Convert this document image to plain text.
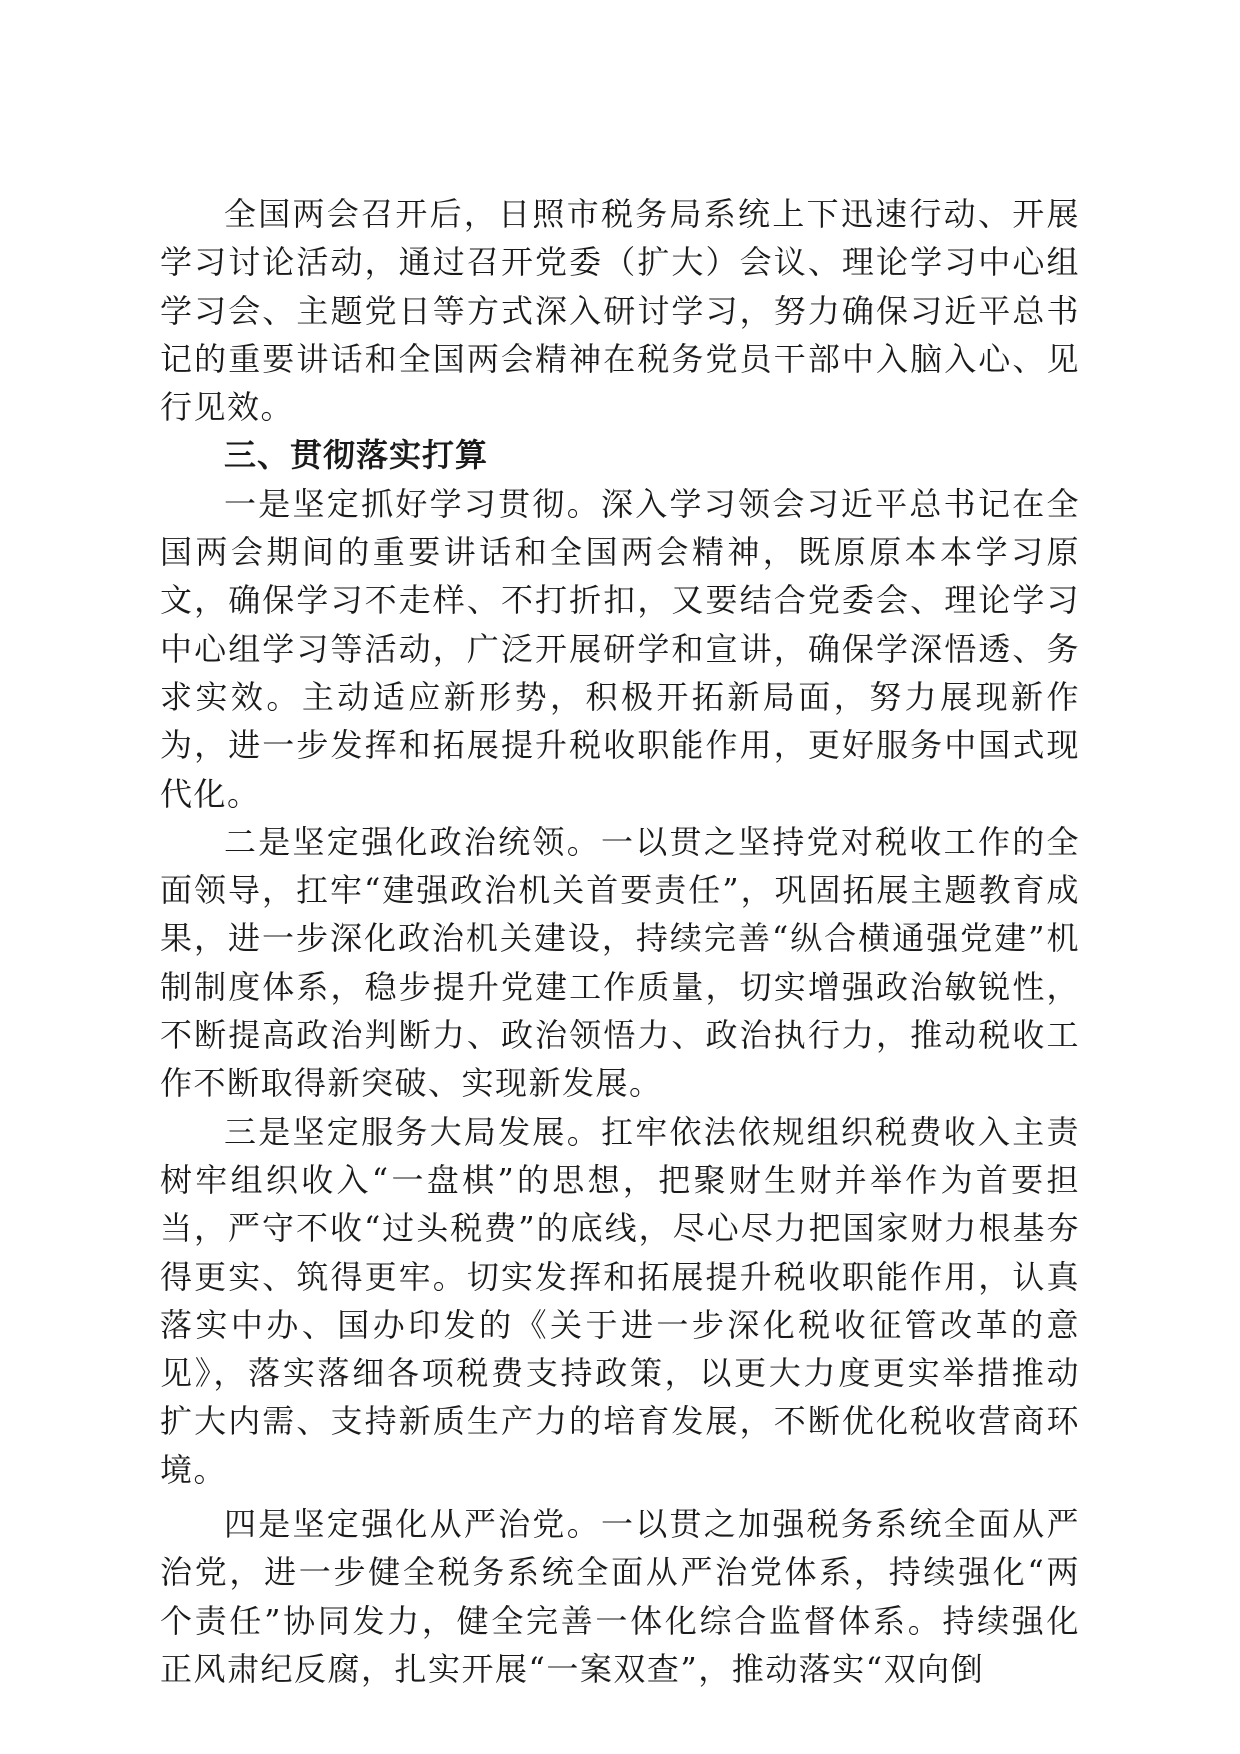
全国两会召开后，日照市税务局系统上下迅速行动、开展学习讨论活动，通过召开党委（扩大）会议、理论学习中心组学习会、主题党日等方式深入研讨学习，努力确保习近平总书记的重要讲话和全国两会精神在税务党员干部中入脑入心、见行见效。

三、贯彻落实打算

一是坚定抓好学习贯彻。深入学习领会习近平总书记在全国两会期间的重要讲话和全国两会精神，既原原本本学习原文，确保学习不走样、不打折扣，又要结合党委会、理论学习中心组学习等活动，广泛开展研学和宣讲，确保学深悟透、务求实效。主动适应新形势，积极开拓新局面，努力展现新作为，进一步发挥和拓展提升税收职能作用，更好服务中国式现代化。

二是坚定强化政治统领。一以贯之坚持党对税收工作的全面领导，扛牢“建强政治机关首要责任”，巩固拓展主题教育成果，进一步深化政治机关建设，持续完善“纵合横通强党建”机制制度体系，稳步提升党建工作质量，切实增强政治敏锐性，不断提高政治判断力、政治领悟力、政治执行力，推动税收工作不断取得新突破、实现新发展。

三是坚定服务大局发展。扛牢依法依规组织税费收入主责树牢组织收入“一盘棋”的思想，把聚财生财并举作为首要担当，严守不收“过头税费”的底线，尽心尽力把国家财力根基夯得更实、筑得更牢。切实发挥和拓展提升税收职能作用，认真落实中办、国办印发的《关于进一步深化税收征管改革的意见》，落实落细各项税费支持政策，以更大力度更实举措推动扩大内需、支持新质生产力的培育发展，不断优化税收营商环境。

四是坚定强化从严治党。一以贯之加强税务系统全面从严治党，进一步健全税务系统全面从严治党体系，持续强化“两个责任”协同发力，健全完善一体化综合监督体系。持续强化正风肃纪反腐，扎实开展“一案双查”，推动落实“双向倒
